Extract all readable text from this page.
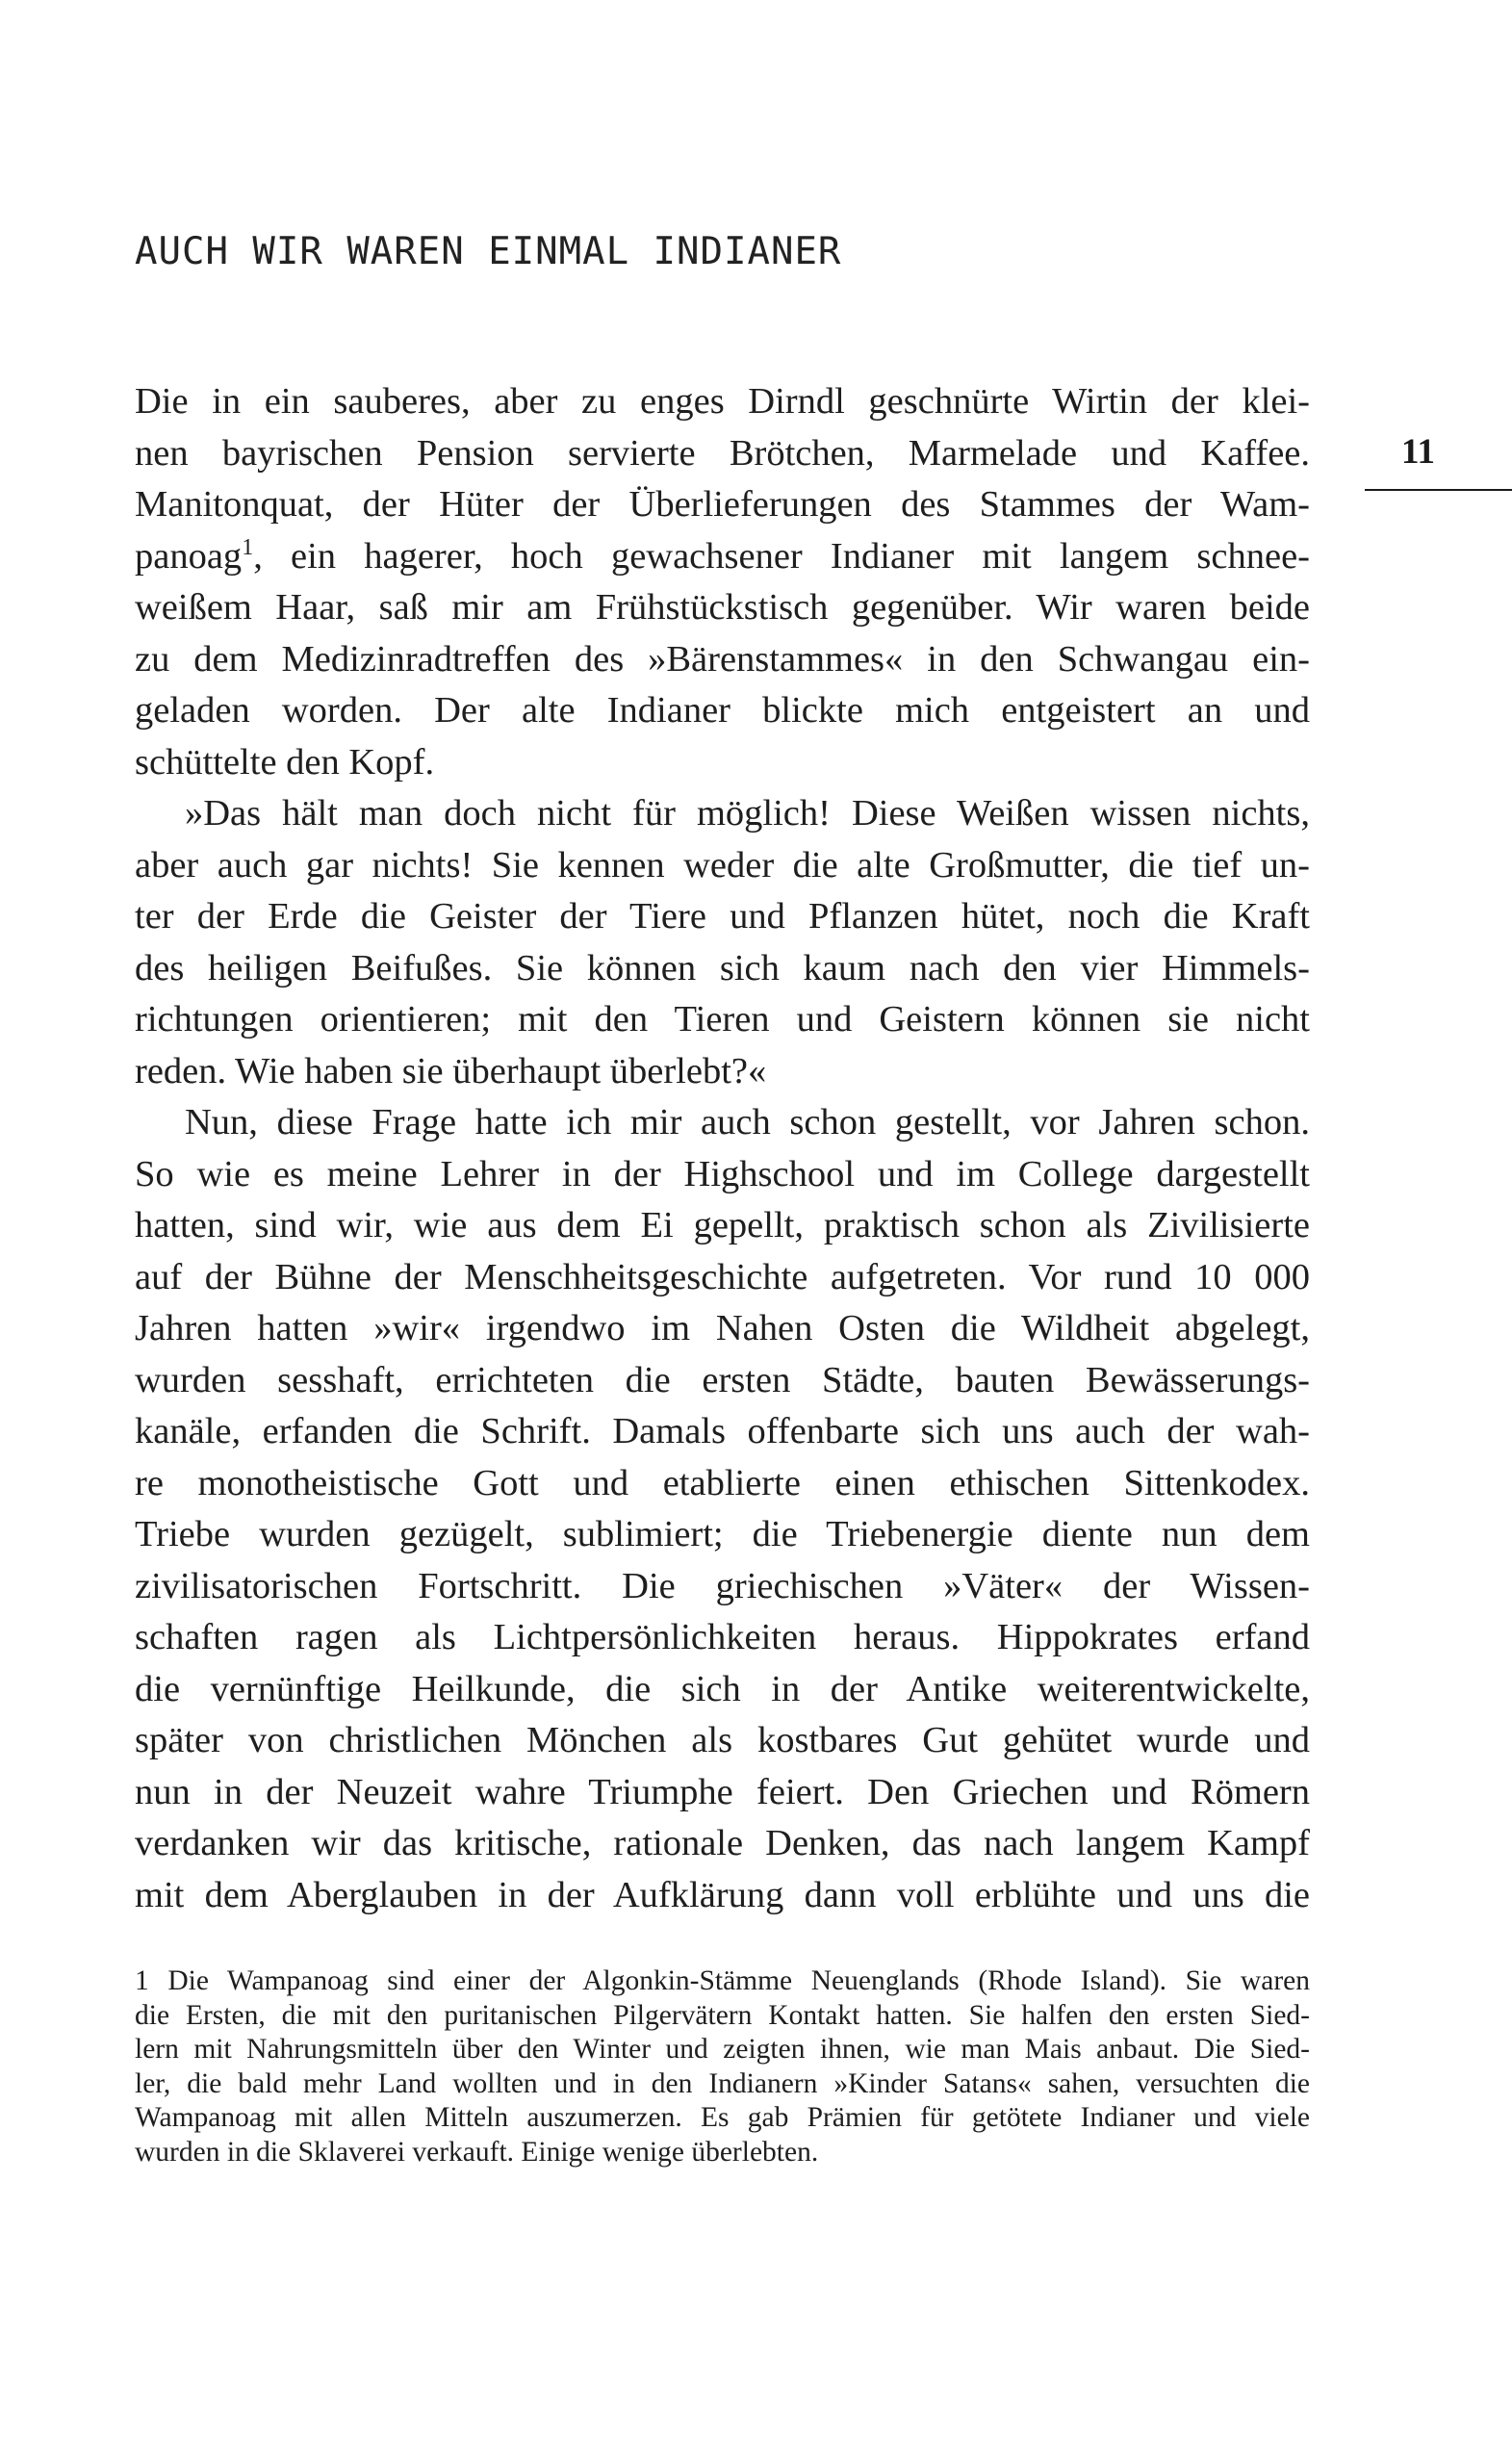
AUCH WIR WAREN EINMAL INDIANER
11
Die in ein sauberes, aber zu enges Dirndl geschnürte Wirtin der klei-
nen bayrischen Pension servierte Brötchen, Marmelade und Kaffee.
Manitonquat, der Hüter der Überlieferungen des Stammes der Wam-
panoag$^1$, ein hagerer, hoch gewachsener Indianer mit langem schnee-
weißem Haar, saß mir am Frühstückstisch gegenüber. Wir waren beide
zu dem Medizinradtreffen des »Bärenstammes« in den Schwangau ein-
geladen worden. Der alte Indianer blickte mich entgeistert an und
schüttelte den Kopf.
»Das hält man doch nicht für möglich! Diese Weißen wissen nichts,
aber auch gar nichts! Sie kennen weder die alte Großmutter, die tief un-
ter der Erde die Geister der Tiere und Pflanzen hütet, noch die Kraft
des heiligen Beifußes. Sie können sich kaum nach den vier Himmels-
richtungen orientieren; mit den Tieren und Geistern können sie nicht
reden. Wie haben sie überhaupt überlebt?«
Nun, diese Frage hatte ich mir auch schon gestellt, vor Jahren schon.
So wie es meine Lehrer in der Highschool und im College dargestellt
hatten, sind wir, wie aus dem Ei gepellt, praktisch schon als Zivilisierte
auf der Bühne der Menschheitsgeschichte aufgetreten. Vor rund 10 000
Jahren hatten »wir« irgendwo im Nahen Osten die Wildheit abgelegt,
wurden sesshaft, errichteten die ersten Städte, bauten Bewässerungs-
kanäle, erfanden die Schrift. Damals offenbarte sich uns auch der wah-
re monotheistische Gott und etablierte einen ethischen Sittenkodex.
Triebe wurden gezügelt, sublimiert; die Triebenergie diente nun dem
zivilisatorischen Fortschritt. Die griechischen »Väter« der Wissen-
schaften ragen als Lichtpersönlichkeiten heraus. Hippokrates erfand
die vernünftige Heilkunde, die sich in der Antike weiterentwickelte,
später von christlichen Mönchen als kostbares Gut gehütet wurde und
nun in der Neuzeit wahre Triumphe feiert. Den Griechen und Römern
verdanken wir das kritische, rationale Denken, das nach langem Kampf
mit dem Aberglauben in der Aufklärung dann voll erblühte und uns die
1 Die Wampanoag sind einer der Algonkin-Stämme Neuenglands (Rhode Island). Sie waren
die Ersten, die mit den puritanischen Pilgervätern Kontakt hatten. Sie halfen den ersten Sied-
lern mit Nahrungsmitteln über den Winter und zeigten ihnen, wie man Mais anbaut. Die Sied-
ler, die bald mehr Land wollten und in den Indianern »Kinder Satans« sahen, versuchten die
Wampanoag mit allen Mitteln auszumerzen. Es gab Prämien für getötete Indianer und viele
wurden in die Sklaverei verkauft. Einige wenige überlebten.
